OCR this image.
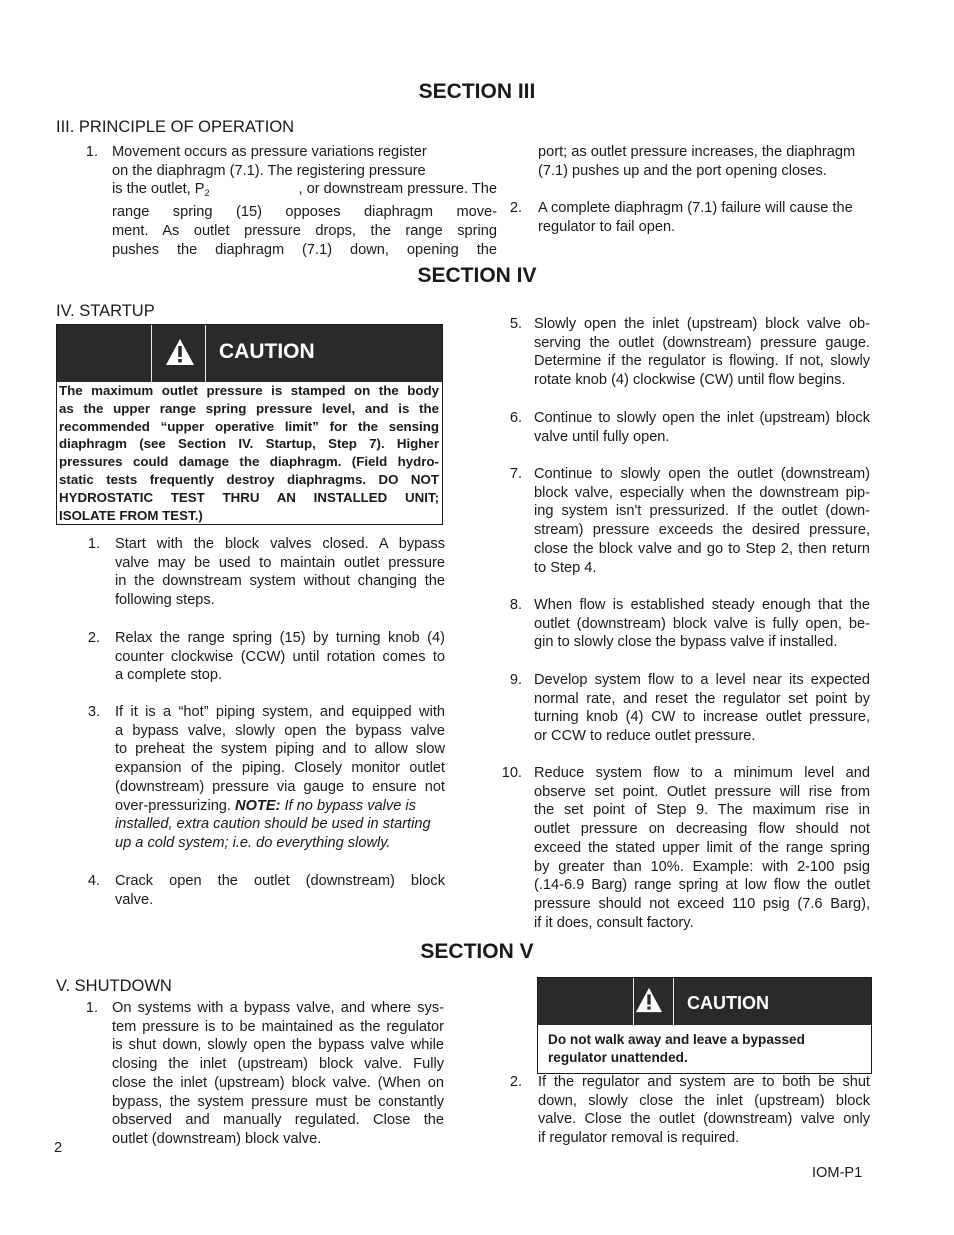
SECTION III
III. PRINCIPLE OF OPERATION
1. Movement occurs as pressure variations register
on the diaphragm (7.1). The registering pressure
is the outlet, $P_2$	, or downstream pressure. The
range spring (15) opposes diaphragm move-
ment. As outlet pressure drops, the range spring
pushes the diaphragm (7.1) down, opening the
port; as outlet pressure increases, the diaphragm
(7.1) pushes up and the port opening closes.
2. A complete diaphragm (7.1) failure will cause the
regulator to fail open.
SECTION IV
IV. STARTUP
CAUTION
The maximum outlet pressure is stamped on the body
as the upper range spring pressure level, and is the
recommended “upper operative limit” for the sensing
diaphragm (see Section IV. Startup, Step 7). Higher
pressures could damage the diaphragm. (Field hydro-
static tests frequently destroy diaphragms. DO NOT
HYDROSTATIC TEST THRU AN INSTALLED UNIT;
ISOLATE FROM TEST.)
1. Start with the block valves closed. A bypass
valve may be used to maintain outlet pressure
in the downstream system without changing the
following steps.
2. Relax the range spring (15) by turning knob (4)
counter clockwise (CCW) until rotation comes to
a complete stop.
3. If it is a “hot” piping system, and equipped with
a bypass valve, slowly open the bypass valve
to preheat the system piping and to allow slow
expansion of the piping. Closely monitor outlet
(downstream) pressure via gauge to ensure not
over-pressurizing. NOTE: If no bypass valve is
installed, extra caution should be used in starting
up a cold system; i.e. do everything slowly.
4. Crack open the outlet (downstream) block
valve.
5. Slowly open the inlet (upstream) block valve ob-
serving the outlet (downstream) pressure gauge.
Determine if the regulator is flowing. If not, slowly
rotate knob (4) clockwise (CW) until flow begins.
6. Continue to slowly open the inlet (upstream) block
valve until fully open.
7. Continue to slowly open the outlet (downstream)
block valve, especially when the downstream pip-
ing system isn't pressurized. If the outlet (down-
stream) pressure exceeds the desired pressure,
close the block valve and go to Step 2, then return
to Step 4.
8. When flow is established steady enough that the
outlet (downstream) block valve is fully open, be-
gin to slowly close the bypass valve if installed.
9. Develop system flow to a level near its expected
normal rate, and reset the regulator set point by
turning knob (4) CW to increase outlet pressure,
or CCW to reduce outlet pressure.
10. Reduce system flow to a minimum level and
observe set point. Outlet pressure will rise from
the set point of Step 9. The maximum rise in
outlet pressure on decreasing flow should not
exceed the stated upper limit of the range spring
by greater than 10%. Example: with 2-100 psig
(.14-6.9 Barg) range spring at low flow the outlet
pressure should not exceed 110 psig (7.6 Barg),
if it does, consult factory.
SECTION V
V. SHUTDOWN
1. On systems with a bypass valve, and where sys-
tem pressure is to be maintained as the regulator
is shut down, slowly open the bypass valve while
closing the inlet (upstream) block valve. Fully
close the inlet (upstream) block valve. (When on
bypass, the system pressure must be constantly
observed and manually regulated. Close the
outlet (downstream) block valve.
CAUTION
Do not walk away and leave a bypassed
regulator unattended.
2. If the regulator and system are to both be shut
down, slowly close the inlet (upstream) block
valve. Close the outlet (downstream) valve only
if regulator removal is required.
2
IOM-P1
